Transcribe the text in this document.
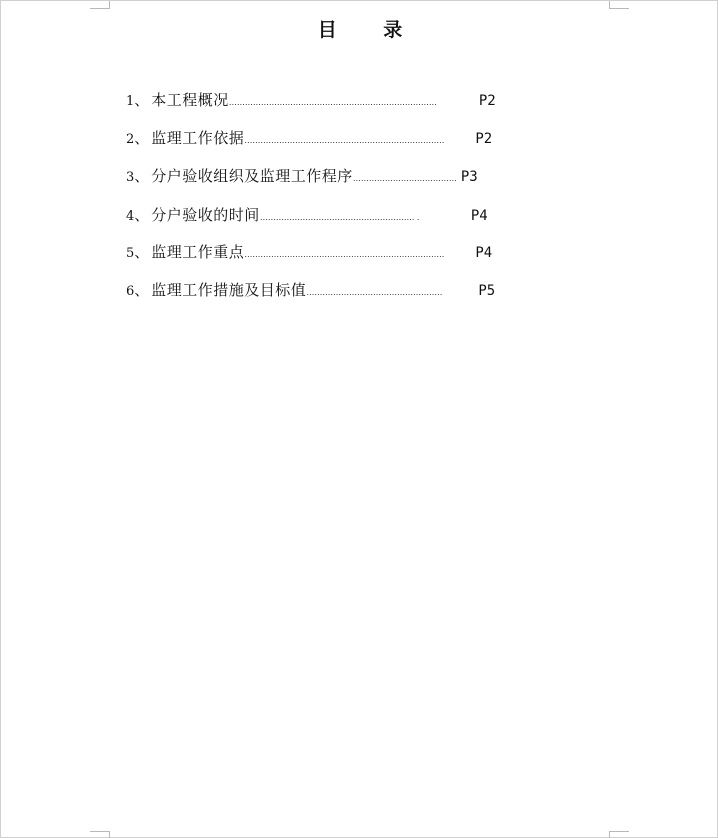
目 录
1 、 本工程概况 ……………………………………………………………………	P2
2 、 监理工作依据 …………………………………………………………………	P2
3 、 分户验收组织及监理工作程序 ………………………………… P3
4 、 分户验收的时间 …………………………………………………. .	P4
5 、 监理工作重点 …………………………………………………………………	P4
6 、 监理工作措施及目标值 ……………………………………………	P5
